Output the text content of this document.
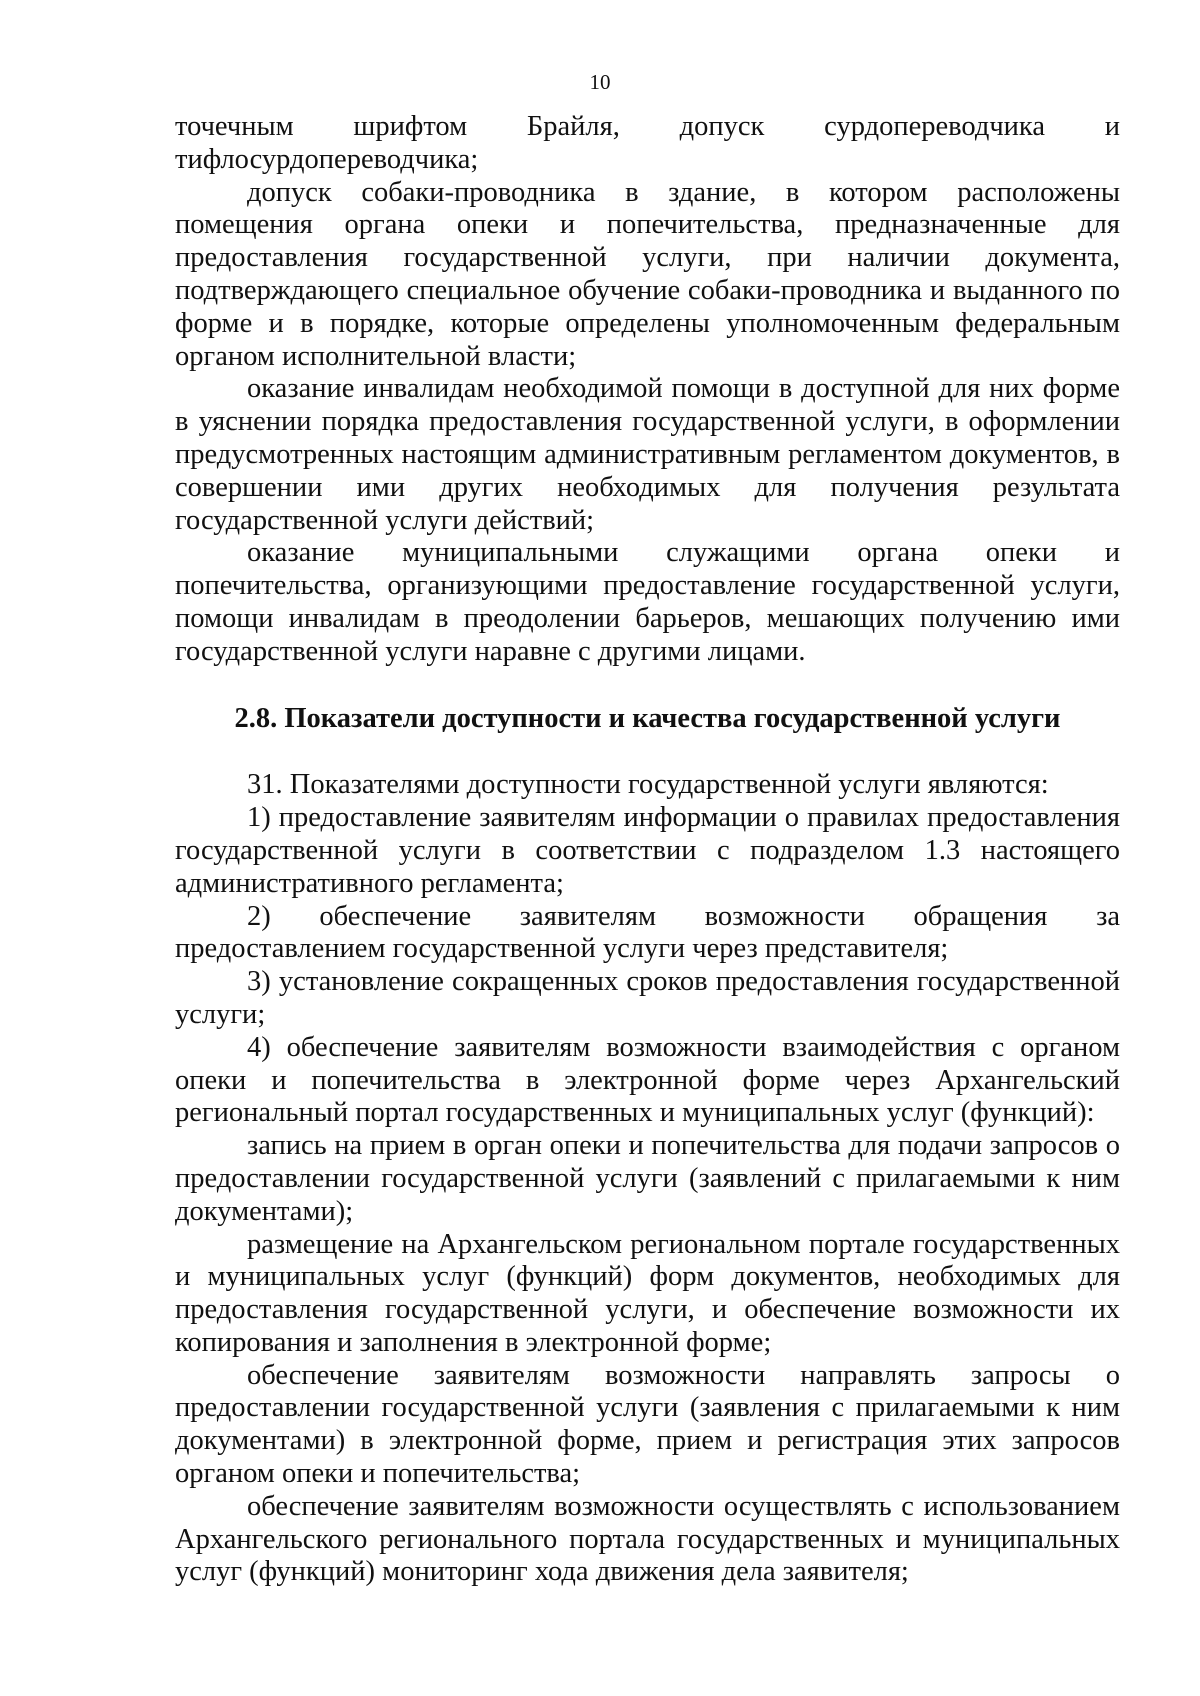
10

точечным шрифтом Брайля, допуск сурдопереводчика и тифлосурдопереводчика;

допуск собаки-проводника в здание, в котором расположены помещения органа опеки и попечительства, предназначенные для предоставления государственной услуги, при наличии документа, подтверждающего специальное обучение собаки-проводника и выданного по форме и в порядке, которые определены уполномоченным федеральным органом исполнительной власти;

оказание инвалидам необходимой помощи в доступной для них форме в уяснении порядка предоставления государственной услуги, в оформлении предусмотренных настоящим административным регламентом документов, в совершении ими других необходимых для получения результата государственной услуги действий;

оказание муниципальными служащими органа опеки и попечительства, организующими предоставление государственной услуги, помощи инвалидам в преодолении барьеров, мешающих получению ими государственной услуги наравне с другими лицами.

2.8. Показатели доступности и качества государственной услуги

31. Показателями доступности государственной услуги являются:

1) предоставление заявителям информации о правилах предоставления государственной услуги в соответствии с подразделом 1.3 настоящего административного регламента;

2) обеспечение заявителям возможности обращения за предоставлением государственной услуги через представителя;

3) установление сокращенных сроков предоставления государственной услуги;

4) обеспечение заявителям возможности взаимодействия с органом опеки и попечительства в электронной форме через Архангельский региональный портал государственных и муниципальных услуг (функций):

запись на прием в орган опеки и попечительства для подачи запросов о предоставлении государственной услуги (заявлений с прилагаемыми к ним документами);

размещение на Архангельском региональном портале государственных и муниципальных услуг (функций) форм документов, необходимых для предоставления государственной услуги, и обеспечение возможности их копирования и заполнения в электронной форме;

обеспечение заявителям возможности направлять запросы о предоставлении государственной услуги (заявления с прилагаемыми к ним документами) в электронной форме, прием и регистрация этих запросов органом опеки и попечительства;

обеспечение заявителям возможности осуществлять с использованием Архангельского регионального портала государственных и муниципальных услуг (функций) мониторинг хода движения дела заявителя;
